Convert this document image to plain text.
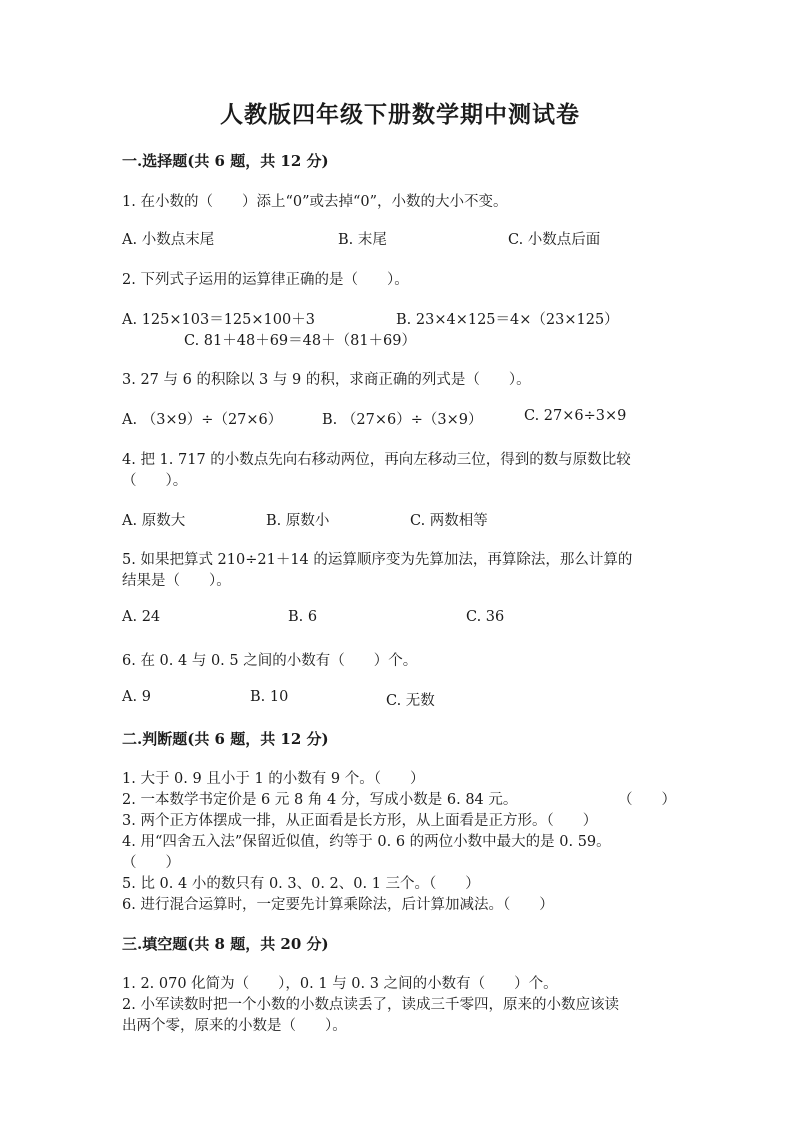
人教版四年级下册数学期中测试卷
一.选择题(共 6 题，共 12 分)
1. 在小数的（　　）添上“0”或去掉“0”，小数的大小不变。
A. 小数点末尾	B. 末尾	C. 小数点后面
2. 下列式子运用的运算律正确的是（　　）。
A. 125×103＝125×100＋3	B. 23×4×125＝4×（23×125）
C. 81＋48＋69＝48＋（81＋69）
3. 27 与 6 的积除以 3 与 9 的积，求商正确的列式是（　　）。
A. （3×9）÷（27×6）	B. （27×6）÷（3×9）	C. 27×6÷3×9
4. 把 1. 717 的小数点先向右移动两位，再向左移动三位，得到的数与原数比较
（　　）。
A. 原数大	B. 原数小	C. 两数相等
5. 如果把算式 210÷21＋14 的运算顺序变为先算加法，再算除法，那么计算的
结果是（　　）。
A. 24	B. 6	C. 36
6. 在 0. 4 与 0. 5 之间的小数有（　　）个。
A. 9	B. 10	C. 无数
二.判断题(共 6 题，共 12 分)
1. 大于 0. 9 且小于 1 的小数有 9 个。（　　）
2. 一本数学书定价是 6 元 8 角 4 分，写成小数是 6. 84 元。	（　　）
3. 两个正方体摆成一排，从正面看是长方形，从上面看是正方形。（　　）
4. 用“四舍五入法”保留近似值，约等于 0. 6 的两位小数中最大的是 0. 59。
（　　）
5. 比 0. 4 小的数只有 0. 3、0. 2、0. 1 三个。（　　）
6. 进行混合运算时，一定要先计算乘除法，后计算加减法。（　　）
三.填空题(共 8 题，共 20 分)
1. 2. 070 化简为（　　），0. 1 与 0. 3 之间的小数有（　　）个。
2. 小军读数时把一个小数的小数点读丢了，读成三千零四，原来的小数应该读
出两个零，原来的小数是（　　）。
